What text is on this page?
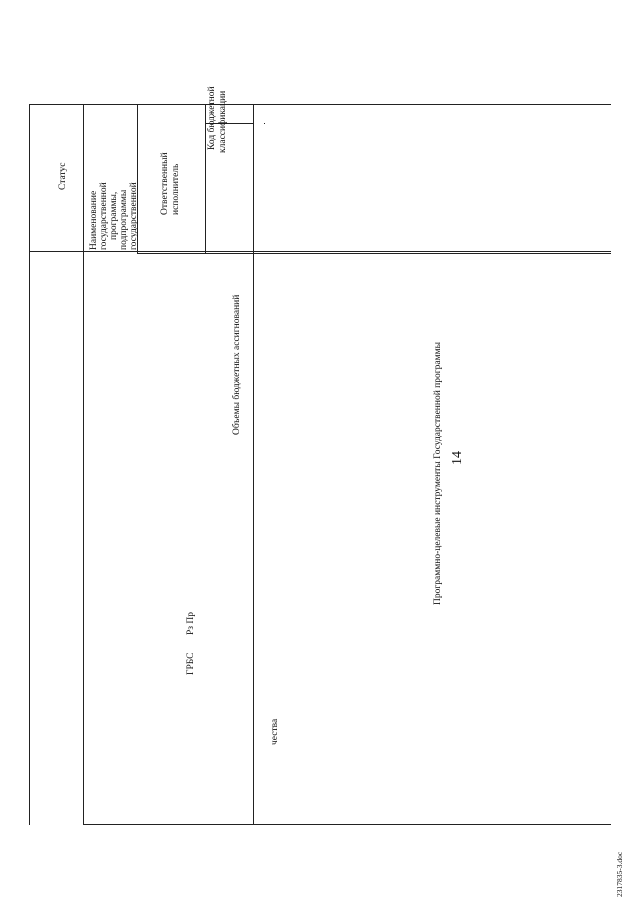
14
2317835-3.doc
Статус
Наименование государственной программы, подпрограммы государственной Ответственный исполнитель
Код бюджетной классификации
ГРБС
Рз Пр
Объемы бюджетных ассигнований
чества
Программно-целевые инструменты Государственной программы
